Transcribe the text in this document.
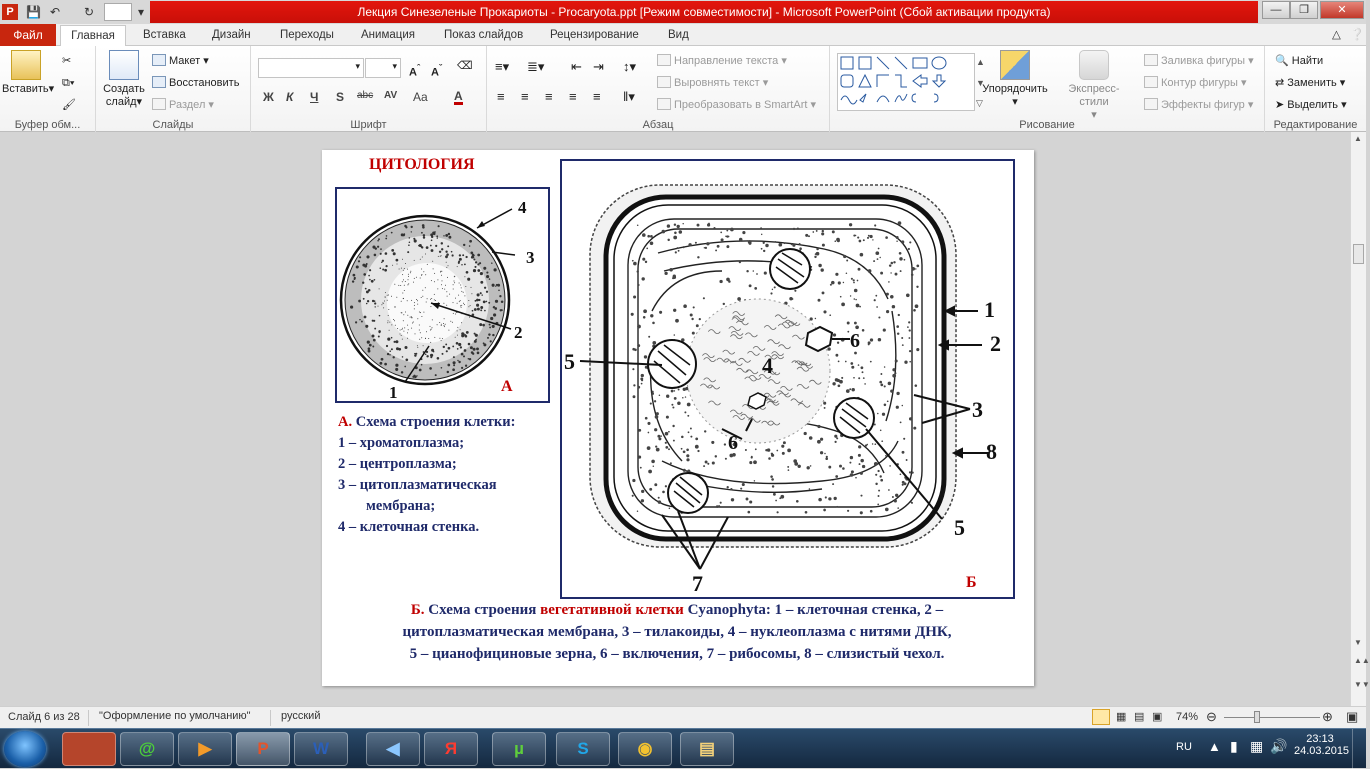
P	💾 ↶ ↻	▾	Лекция Синезеленые Прокариоты - Procaryota.ppt [Режим совместимости] - Microsoft PowerPoint (Сбой активации продукта)	—	❐	✕
Файл	Главная	Вставка Дизайн	Переходы Анимация	Показ слайдов Рецензирование	Вид	△ ❔
Вставить▾
✂
⧉▾
🖌
Буфер обм...
Создать слайд▾
Макет ▾
Восстановить
Раздел ▾
Слайды
▾	▾
$A^ˆ$ $A^ˇ$ ⌫
Ж К Ч S abc AV Aa A
Шрифт
≡▾ ≣▾ ⇤ ⇥ ↕▾
≡ ≡ ≡ ≡ ≡ ‖▾
Направление текста ▾
Выровнять текст ▾
Преобразовать в SmartArt ▾
Абзац
▲
▼
▽
Упорядочить
▾
Экспресс-стили
▾
Заливка фигуры ▾
Контур фигуры ▾
Эффекты фигур ▾
Рисование
🔍 Найти
⇄ Заменить ▾
➤ Выделить ▾
Редактирование
▲
▼
▲▲
▼▼
ЦИТОЛОГИЯ
4
3
2
1	А
1
2
3
8
5	4
6
6
5
7	Б
А. Схема строения клетки:
1 – хроматоплазма;
2 – центроплазма;
3 – цитоплазматическая
мембрана;
4 – клеточная стенка.
Б. Схема строения вегетативной клетки Cyanophyta: 1 – клеточная стенка, 2 –
цитоплазматическая мембрана, 3 – тилакоиды, 4 – нуклеоплазма с нитями ДНК,
5 – цианофициновые зерна, 6 – включения, 7 – рибосомы, 8 – слизистый чехол.
Слайд 6 из 28	"Оформление по умолчанию"	русский	▦ ▤ ▣ 74% ⊖	⊕ ▣
@	▶	P	W	◀	Я	µ	S	◉	▤	RU ▲ ▮ ▦ 🔊	23:13
24.03.2015
